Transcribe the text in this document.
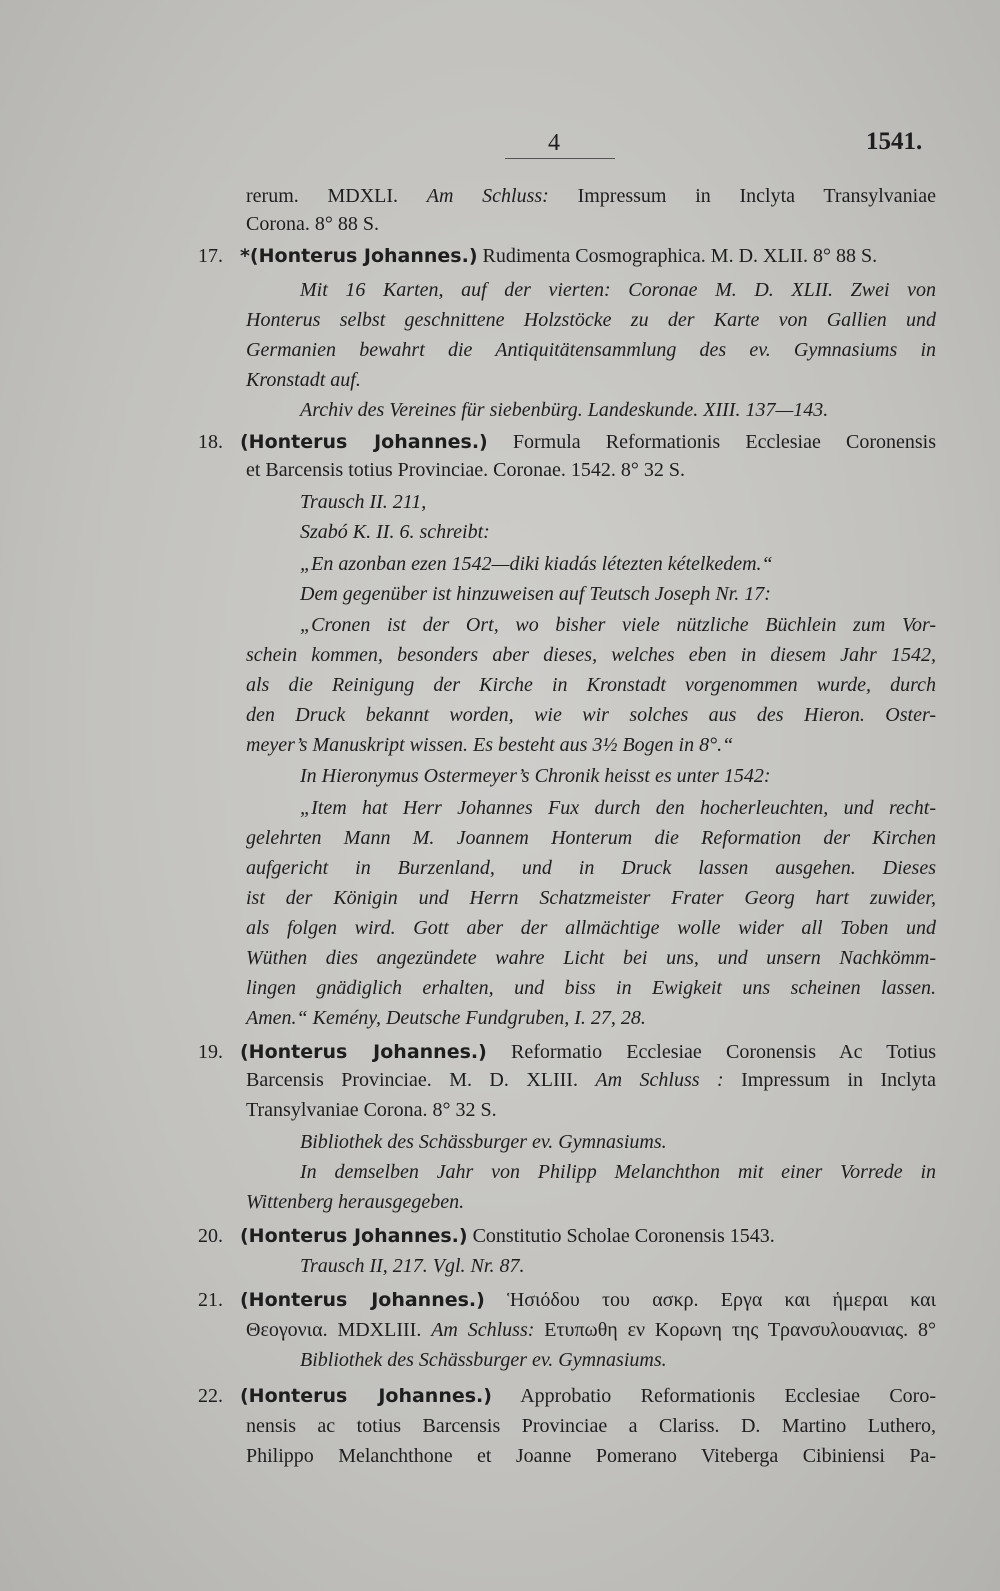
4	1541.
rerum. MDXLI. Am Schluss: Impressum in Inclyta Transylvaniae
Corona. 8° 88 S.
17. *(Honterus Johannes.) Rudimenta Cosmographica. M. D. XLII. 8° 88 S.
Mit 16 Karten, auf der vierten: Coronae M. D. XLII. Zwei von
Honterus selbst geschnittene Holzstöcke zu der Karte von Gallien und
Germanien bewahrt die Antiquitätensammlung des ev. Gymnasiums in
Kronstadt auf.
Archiv des Vereines für siebenbürg. Landeskunde. XIII. 137—143.
18. (Honterus Johannes.) Formula Reformationis Ecclesiae Coronensis
et Barcensis totius Provinciae. Coronae. 1542. 8° 32 S.
Trausch II. 211,
Szabó K. II. 6. schreibt:
„En azonban ezen 1542—diki kiadás létezten kételkedem.“
Dem gegenüber ist hinzuweisen auf Teutsch Joseph Nr. 17:
„Cronen ist der Ort, wo bisher viele nützliche Büchlein zum Vor-
schein kommen, besonders aber dieses, welches eben in diesem Jahr 1542,
als die Reinigung der Kirche in Kronstadt vorgenommen wurde, durch
den Druck bekannt worden, wie wir solches aus des Hieron. Oster-
meyer’s Manuskript wissen. Es besteht aus 3½ Bogen in 8°.“
In Hieronymus Ostermeyer’s Chronik heisst es unter 1542:
„Item hat Herr Johannes Fux durch den hocherleuchten, und recht-
gelehrten Mann M. Joannem Honterum die Reformation der Kirchen
aufgericht in Burzenland, und in Druck lassen ausgehen. Dieses
ist der Königin und Herrn Schatzmeister Frater Georg hart zuwider,
als folgen wird. Gott aber der allmächtige wolle wider all Toben und
Wüthen dies angezündete wahre Licht bei uns, und unsern Nachkömm-
lingen gnädiglich erhalten, und biss in Ewigkeit uns scheinen lassen.
Amen.“ Kemény, Deutsche Fundgruben, I. 27, 28.
19. (Honterus Johannes.) Reformatio Ecclesiae Coronensis Ac Totius
Barcensis Provinciae. M. D. XLIII. Am Schluss : Impressum in Inclyta
Transylvaniae Corona. 8° 32 S.
Bibliothek des Schässburger ev. Gymnasiums.
In demselben Jahr von Philipp Melanchthon mit einer Vorrede in
Wittenberg herausgegeben.
20. (Honterus Johannes.) Constitutio Scholae Coronensis 1543.
Trausch II, 217. Vgl. Nr. 87.
21. (Honterus Johannes.) Ἡσιόδου του ασκρ. Εργα και ἡμεραι και
Θεογονια. MDXLIII. Am Schluss: Ετυπωθη εν Κορωνη της Τρανσυλουανιας. 8°
Bibliothek des Schässburger ev. Gymnasiums.
22. (Honterus Johannes.) Approbatio Reformationis Ecclesiae Coro-
nensis ac totius Barcensis Provinciae a Clariss. D. Martino Luthero,
Philippo Melanchthone et Joanne Pomerano Viteberga Cibiniensi Pa-
